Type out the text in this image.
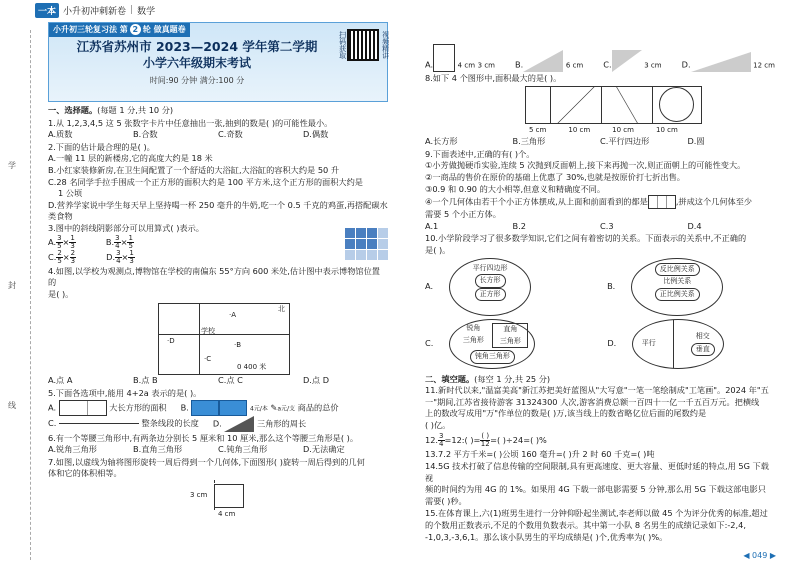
一本 小升初冲刺新卷 | 数学
学
封
线
小升初三轮复习法 第 2 轮 做真题卷
江苏省苏州市 2023—2024 学年第二学期
小学六年级期末考试
时间:90 分钟 满分:100 分
扫码获取	视频精讲

一、选择题。(每题 1 分,共 10 分)

1.从 1,2,3,4,5 这 5 张数字卡片中任意抽出一张,抽到的数是( )的可能性最小。

A.质数	B.合数	C.奇数	D.偶数

2.下面的估计最合理的是( )。

A.一幢 11 层的新楼房,它的高度大约是 18 米

B.小红家装修新房,在卫生间配置了一个舒适的大浴缸,大浴缸的容积大约是 50 升

C.28 名同学手拉手围成一个正方形的面积大约是 100 平方米,这个正方形的面积大约是

1 公顷

D.营养学家说中学生每天早上坚持喝一杯 250 毫升的牛奶,吃一个 0.5 千克的鸡蛋,再搭配碳水类食物

3.图中的斜线阴影部分可以用算式( )表示。

A. $\frac{3}{5} \times \frac{1}{3}$	B. $\frac{3}{4} \times \frac{1}{5}$
C. $\frac{2}{5} \times \frac{2}{3}$	D. $\frac{3}{4} \times \frac{1}{3}$

4.如图,以学校为观测点,博物馆在学校的南偏东 55°方向 600 米处,估计图中表示博物馆位置的

是( )。

北
学校
·A
·B
·C
·D
0 400 米
A.点 A	B.点 B	C.点 C	D.点 D

5.下面各选项中,能用 4+2a 表示的是( )。

A.	大长方形的面积 B.	4元/本 ✎a元/支 商品的总价
C.	整条线段的长度 D.	三角形的周长

6.有一个等腰三角形中,有两条边分别长 5 厘米和 10 厘米,那么这个等腰三角形是( )。

A.锐角三角形	B.直角三角形	C.钝角三角形	D.无法确定

7.如图,以虚线为轴将图形旋转一周后得到一个几何体,下面图形( )旋转一周后得到的几何

体和它的体积相等。

3 cm
4 cm
A.	4 cm 3 cm B.	6 cm C.	3 cm D.	12 cm

8.如下 4 个图形中,面积最大的是( )。

5 cm	10 cm	10 cm	10 cm
A.长方形	B.三角形	C.平行四边形	D.圆

9.下面表述中,正确的有( )个。

①小芳做抛硬币实验,连续 5 次抛到反面朝上,接下来再抛一次,则正面朝上的可能性变大。

②一商品的售价在原价的基础上优惠了 30%,也就是按原价打七折出售。

③0.9 和 0.90 的大小相等,但意义和精确度不同。

④一个几何体由若干个小正方体摆成,从上面和前面看到的都是	,拼成这个几何体至少

需要 5 个小正方体。

A.1	B.2	C.3	D.4

10.小学阶段学习了很多数学知识,它们之间有着密切的关系。下面表示的关系中,不正确的

是( )。

A.
平行四边形
长方形
正方形
B.
反比例关系

比例关系
正比例关系
C.
锐角
三角形
直角
三角形
钝角三角形
D.	平行
相交
垂直

二、填空题。(每空 1 分,共 25 分)

11.新时代以来,"温富美高"新江苏把美好蓝图从"大写意"一笔一笔绘制成"工笔画"。2024 年"五

一"期间,江苏省接待游客 31324300 人次,游客消费总额一百四十一亿一千五百万元。把横线

上的数改写成用"万"作单位的数是( )万,该当线上的数省略亿位后面的尾数约是

( )亿。

12. $\frac{3}{4}$ =12:( )= $\frac{( )}{12}$ =( )÷24=( )%

13.7.2 平方千米=( )公顷 160 毫升=( )升 2 时 60 千克=( )吨

14.5G 技术打破了信息传输的空间限制,具有更高速度、更大容量、更低时延的特点,用 5G 下载视

频的时间约为用 4G 的 1%。如果用 4G 下载一部电影需要 5 分钟,那么用 5G 下载这部电影只

需要( )秒。

15.在体育课上,六(1)班男生进行一分钟仰卧起坐测试,李老师以做 45 个为评分优秀的标准,超过

的个数用正数表示,不足的个数用负数表示。其中第一小队 8 名男生的成绩记录如下:-2,4,

-1,0,3,-3,6,1。那么该小队男生的平均成绩是( )个,优秀率为( )%。

◀ 049 ▶
